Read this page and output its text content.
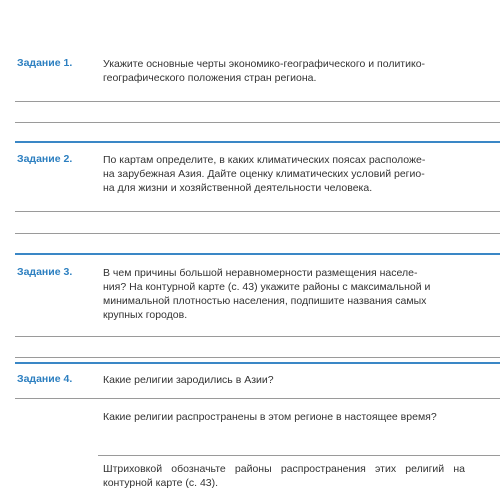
Задание 1.	Укажите основные черты экономико-географического и политико-
географического положения стран региона.
Задание 2.	По картам определите, в каких климатических поясах расположе-
на зарубежная Азия. Дайте оценку климатических условий регио-
на для жизни и хозяйственной деятельности человека.
Задание 3.	В чем причины большой неравномерности размещения населе-
ния? На контурной карте (с. 43) укажите районы с максимальной и
минимальной плотностью населения, подпишите названия самых
крупных городов.
Задание 4.	Какие религии зародились в Азии?
Какие религии распространены в этом регионе в настоящее время?
Штриховкой обозначьте районы распространения этих религий на контурной карте (с. 43).
